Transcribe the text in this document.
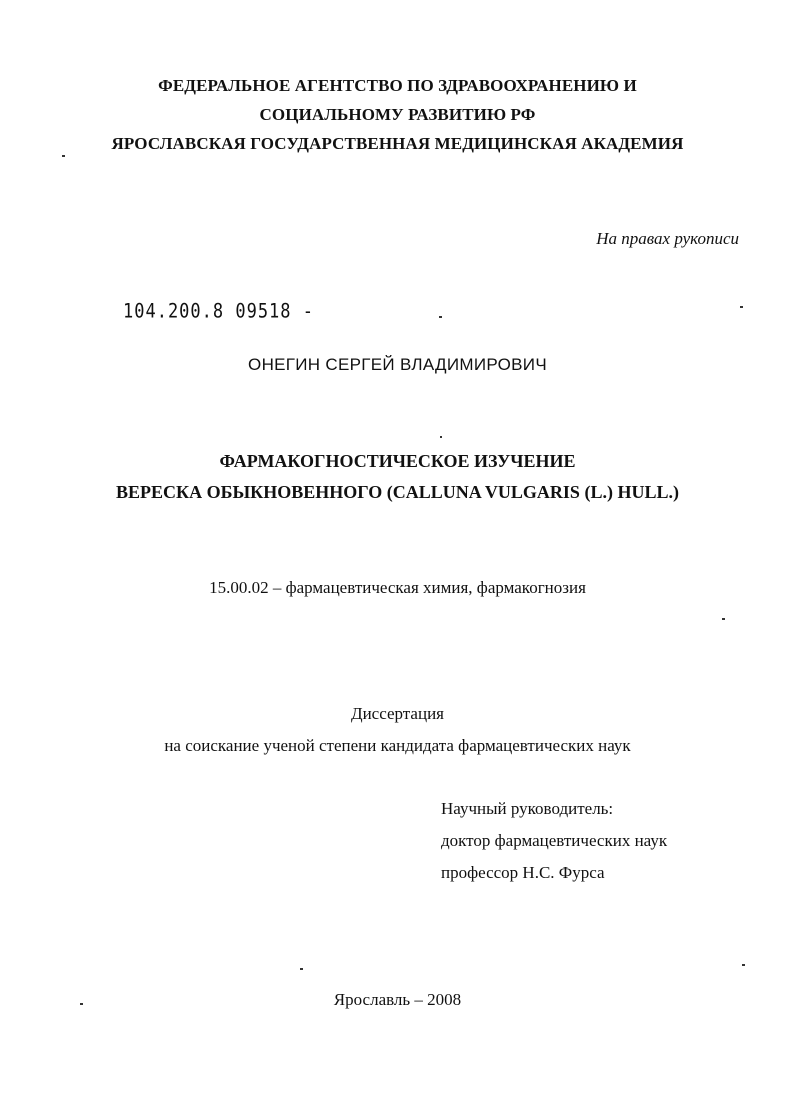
ФЕДЕРАЛЬНОЕ АГЕНТСТВО ПО ЗДРАВООХРАНЕНИЮ И
СОЦИАЛЬНОМУ РАЗВИТИЮ РФ
ЯРОСЛАВСКАЯ ГОСУДАРСТВЕННАЯ МЕДИЦИНСКАЯ АКАДЕМИЯ
На правах рукописи
104.200.8 09518 -
ОНЕГИН СЕРГЕЙ ВЛАДИМИРОВИЧ
ФАРМАКОГНОСТИЧЕСКОЕ ИЗУЧЕНИЕ
ВЕРЕСКА ОБЫКНОВЕННОГО (CALLUNA VULGARIS (L.) HULL.)
15.00.02 – фармацевтическая химия, фармакогнозия
Диссертация
на соискание ученой степени кандидата фармацевтических наук
Научный руководитель:
доктор фармацевтических наук
профессор Н.С. Фурса
Ярославль – 2008
